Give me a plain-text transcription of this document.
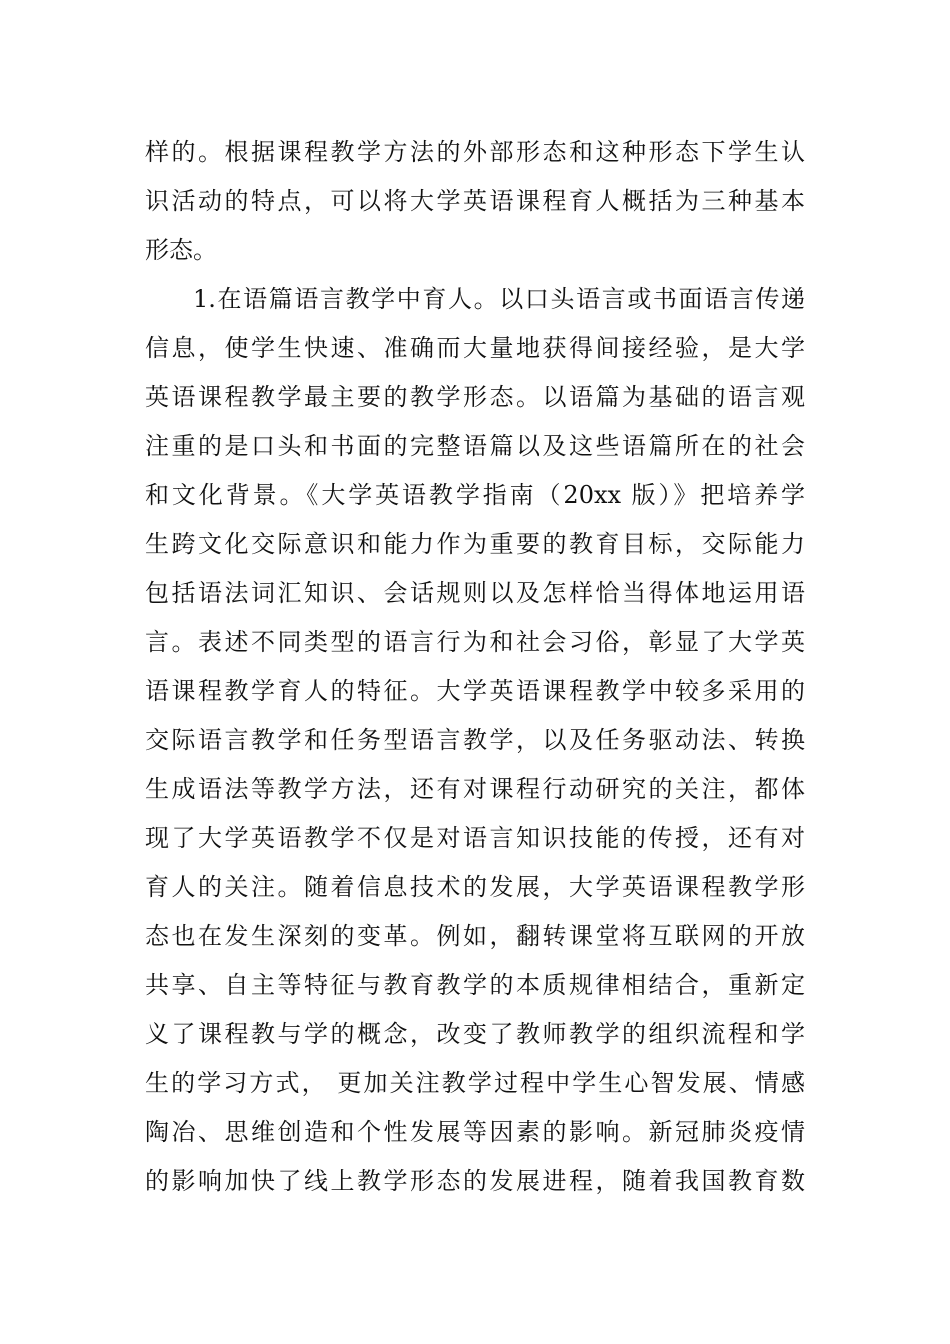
样的。根据课程教学方法的外部形态和这种形态下学生认
识活动的特点，可以将大学英语课程育人概括为三种基本
形态。
1.在语篇语言教学中育人。以口头语言或书面语言传递
信息，使学生快速、准确而大量地获得间接经验，是大学
英语课程教学最主要的教学形态。以语篇为基础的语言观
注重的是口头和书面的完整语篇以及这些语篇所在的社会
和文化背景。《大学英语教学指南（20xx 版）》把培养学
生跨文化交际意识和能力作为重要的教育目标，交际能力
包括语法词汇知识、会话规则以及怎样恰当得体地运用语
言。表述不同类型的语言行为和社会习俗，彰显了大学英
语课程教学育人的特征。大学英语课程教学中较多采用的
交际语言教学和任务型语言教学，以及任务驱动法、转换
生成语法等教学方法，还有对课程行动研究的关注，都体
现了大学英语教学不仅是对语言知识技能的传授，还有对
育人的关注。随着信息技术的发展，大学英语课程教学形
态也在发生深刻的变革。例如，翻转课堂将互联网的开放
共享、自主等特征与教育教学的本质规律相结合，重新定
义了课程教与学的概念，改变了教师教学的组织流程和学
生的学习方式， 更加关注教学过程中学生心智发展、情感
陶冶、思维创造和个性发展等因素的影响。新冠肺炎疫情
的影响加快了线上教学形态的发展进程，随着我国教育数
